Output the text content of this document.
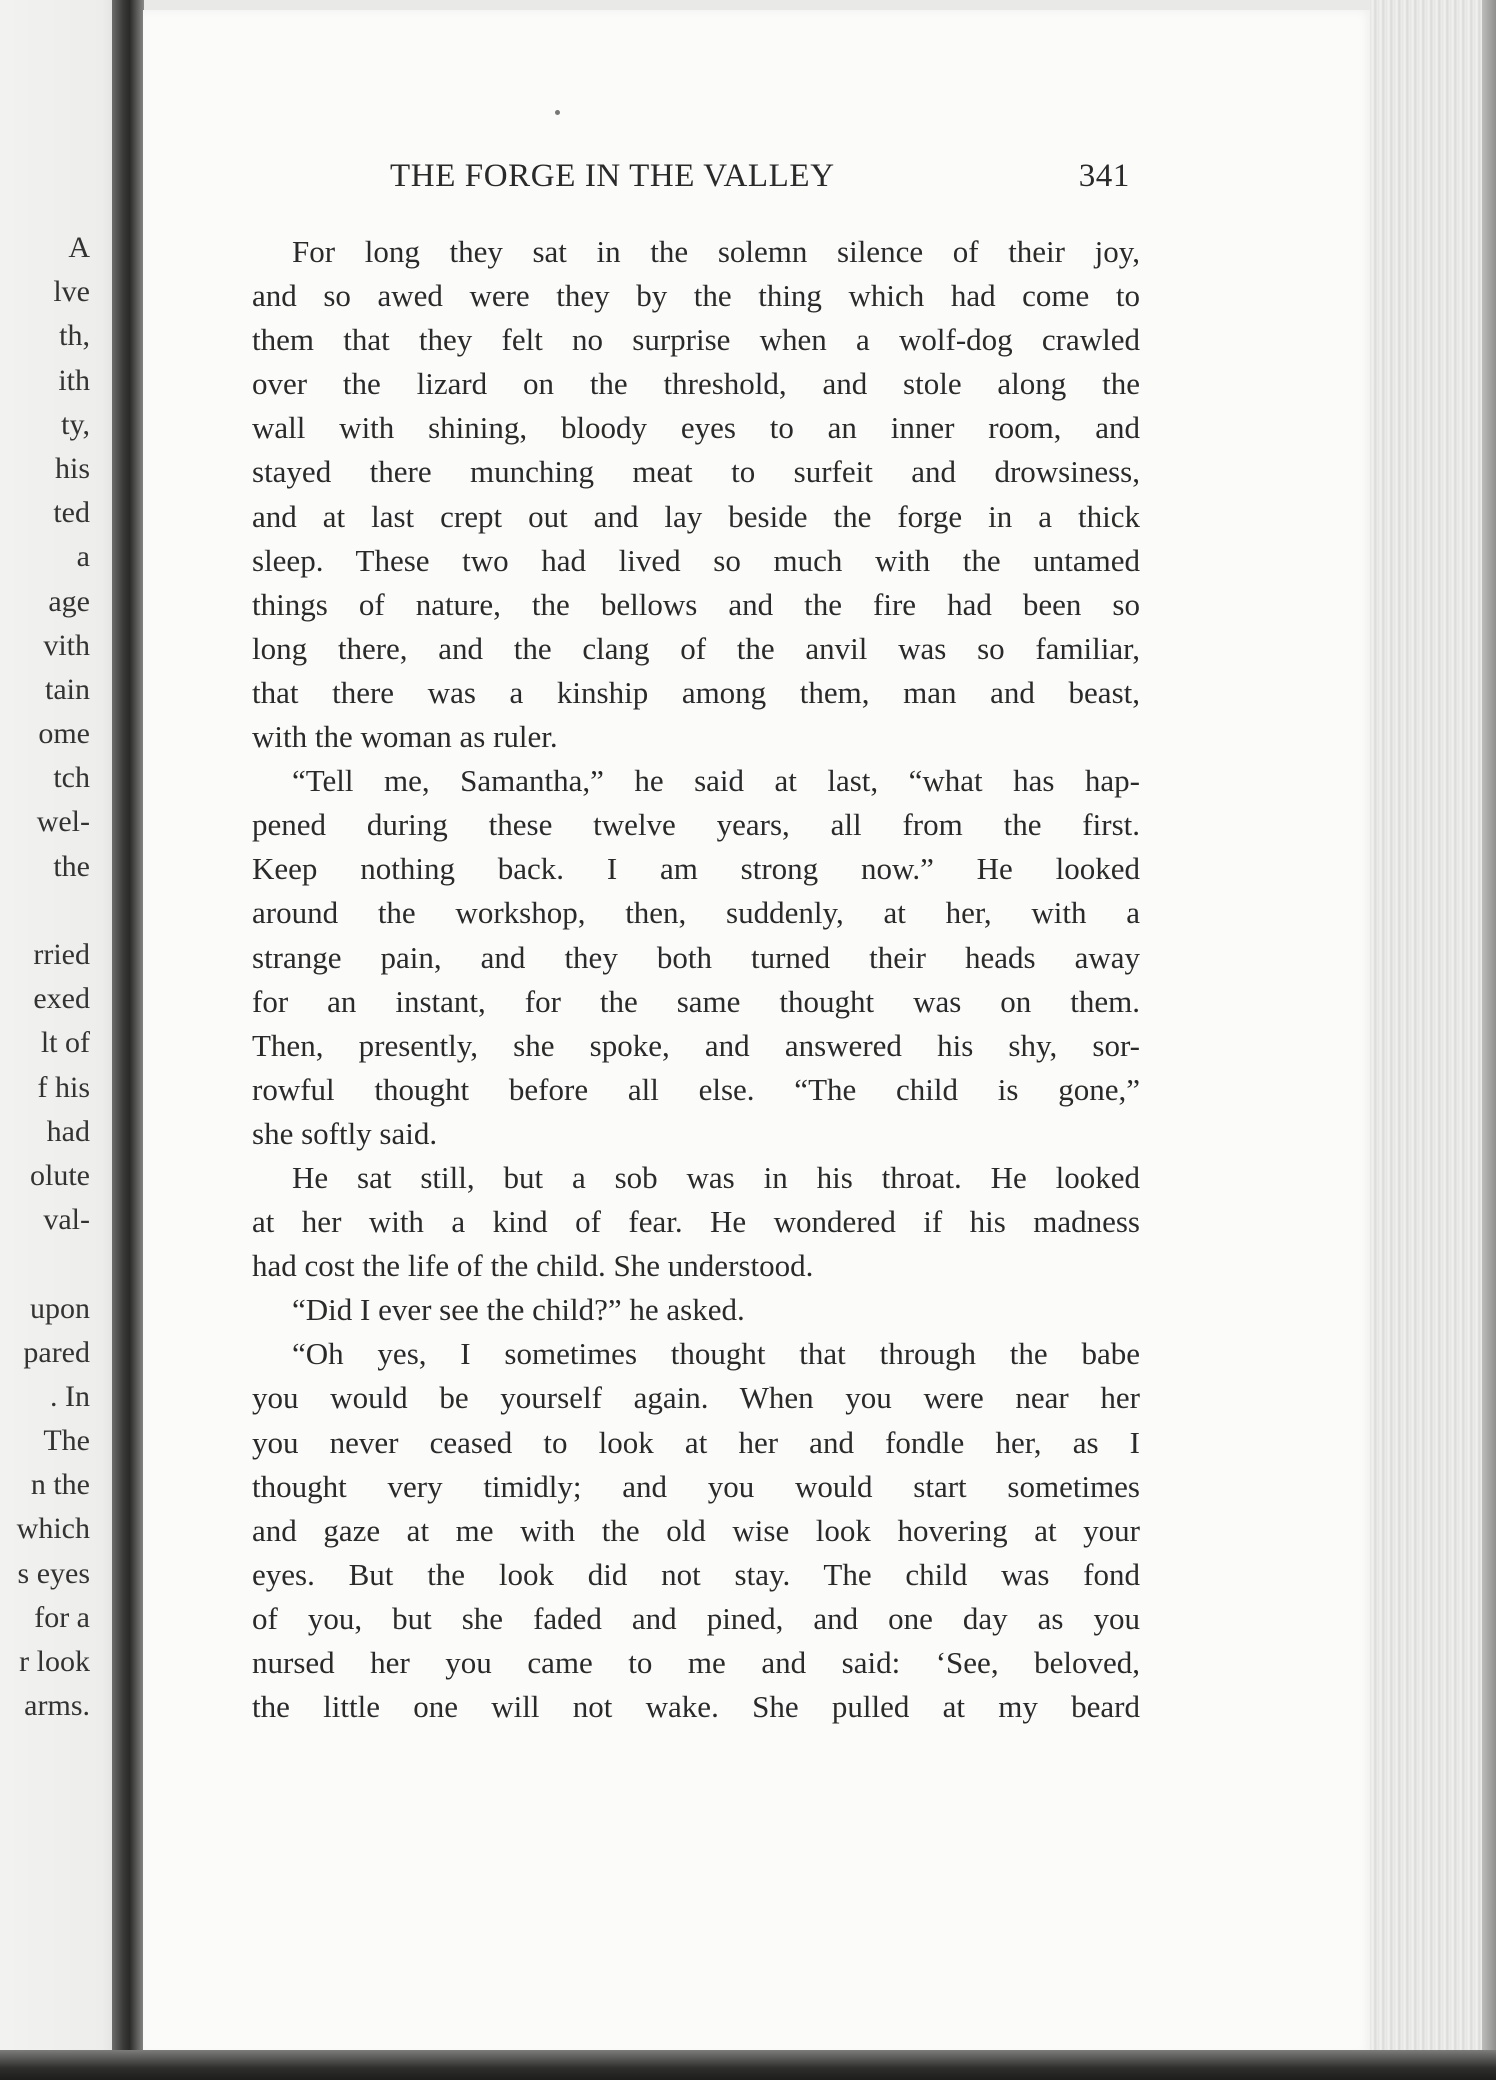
A
lve
th,
ith
ty,
his
ted
a
age
vith
tain
ome
tch
wel-
the
rried
exed
lt of
f his
had
olute
val-
upon
pared
. In
The
n the
which
s eyes
for a
r look
arms.
THE FORGE IN THE VALLEY	341
For long they sat in the solemn silence of their joy,
and so awed were they by the thing which had come to
them that they felt no surprise when a wolf-dog crawled
over the lizard on the threshold, and stole along the
wall with shining, bloody eyes to an inner room, and
stayed there munching meat to surfeit and drowsiness,
and at last crept out and lay beside the forge in a thick
sleep. These two had lived so much with the untamed
things of nature, the bellows and the fire had been so
long there, and the clang of the anvil was so familiar,
that there was a kinship among them, man and beast,
with the woman as ruler.
“Tell me, Samantha,” he said at last, “what has hap-
pened during these twelve years, all from the first.
Keep nothing back. I am strong now.” He looked
around the workshop, then, suddenly, at her, with a
strange pain, and they both turned their heads away
for an instant, for the same thought was on them.
Then, presently, she spoke, and answered his shy, sor-
rowful thought before all else. “The child is gone,”
she softly said.
He sat still, but a sob was in his throat. He looked
at her with a kind of fear. He wondered if his madness
had cost the life of the child. She understood.
“Did I ever see the child?” he asked.
“Oh yes, I sometimes thought that through the babe
you would be yourself again. When you were near her
you never ceased to look at her and fondle her, as I
thought very timidly; and you would start sometimes
and gaze at me with the old wise look hovering at your
eyes. But the look did not stay. The child was fond
of you, but she faded and pined, and one day as you
nursed her you came to me and said: ‘See, beloved,
the little one will not wake. She pulled at my beard
